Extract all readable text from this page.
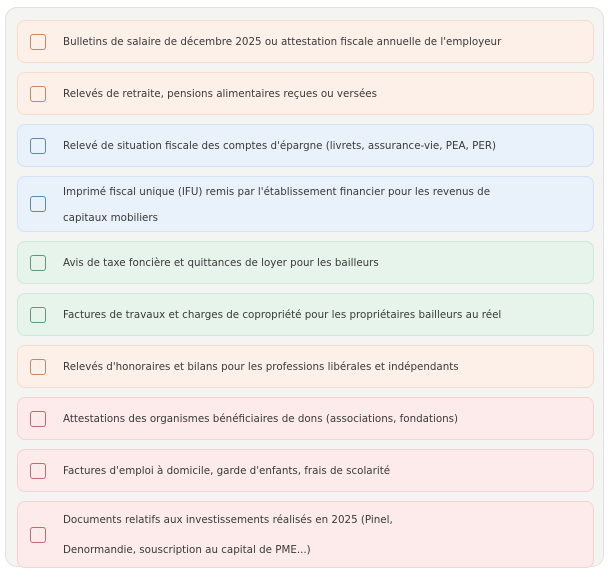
Bulletins de salaire de décembre 2025 ou attestation fiscale annuelle de l'employeur
Relevés de retraite, pensions alimentaires reçues ou versées
Relevé de situation fiscale des comptes d'épargne (livrets, assurance-vie, PEA, PER)
Imprimé fiscal unique (IFU) remis par l'établissement financier pour les revenus de capitaux mobiliers
Avis de taxe foncière et quittances de loyer pour les bailleurs
Factures de travaux et charges de copropriété pour les propriétaires bailleurs au réel
Relevés d'honoraires et bilans pour les professions libérales et indépendants
Attestations des organismes bénéficiaires de dons (associations, fondations)
Factures d'emploi à domicile, garde d'enfants, frais de scolarité
Documents relatifs aux investissements réalisés en 2025 (Pinel, Denormandie, souscription au capital de PME...)
